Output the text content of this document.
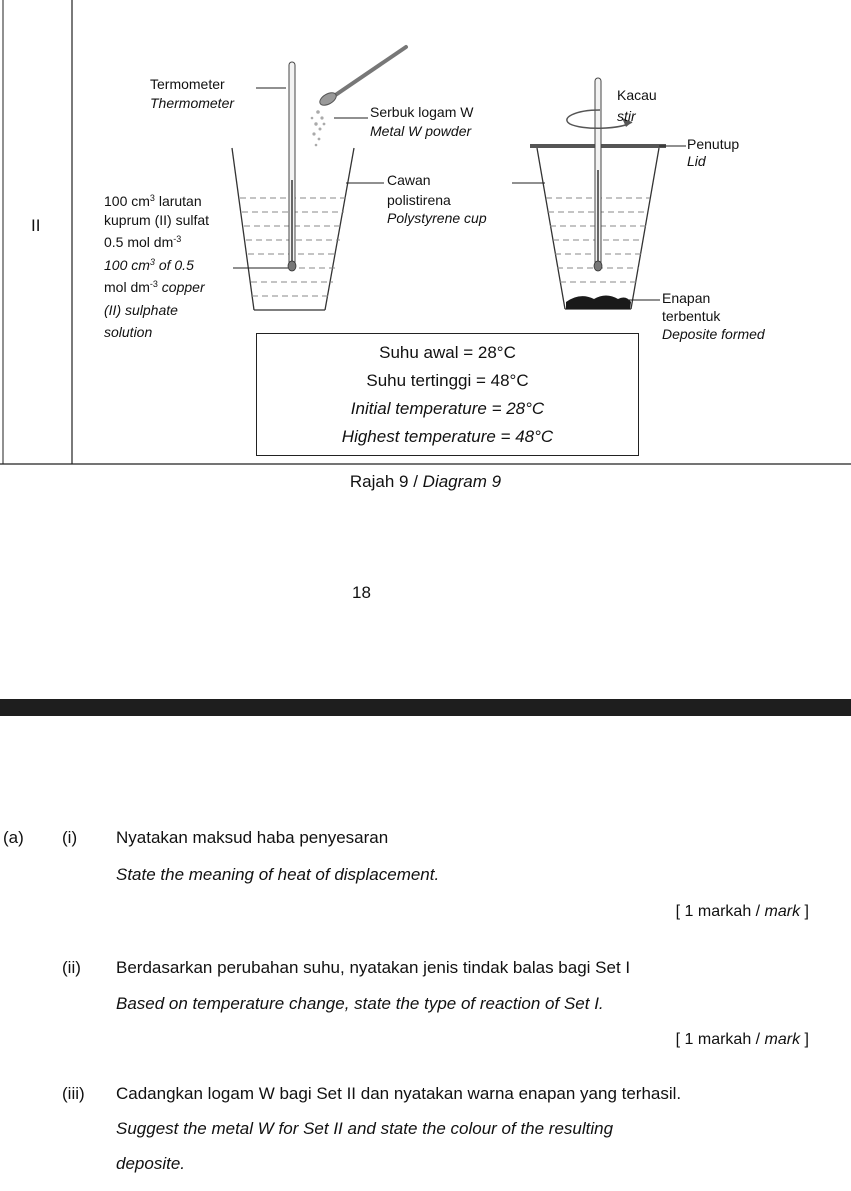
II
Termometer
Thermometer
100 $cm^3$ larutan
kuprum (II) sulfat
0.5 mol $dm^{-3}$
100 $cm^3$ of 0.5
mol $dm^{-3}$ copper
(II) sulphate
solution
Serbuk logam W
Metal W powder
Cawan
polistirena
Polystyrene cup
Kacau
stir
Penutup
Lid
Enapan
terbentuk
Deposite formed
Suhu awal = 28°C
Suhu tertinggi = 48°C
Initial temperature = 28°C
Highest temperature = 48°C
Rajah 9 / Diagram 9
18
(a) (i) Nyatakan maksud haba penyesaran
State the meaning of heat of displacement.
[ 1 markah / mark ]
(ii) Berdasarkan perubahan suhu, nyatakan jenis tindak balas bagi Set I
Based on temperature change, state the type of reaction of Set I.
[ 1 markah / mark ]
(iii) Cadangkan logam W bagi Set II dan nyatakan warna enapan yang terhasil.
Suggest the metal W for Set II and state the colour of the resulting
deposite.
